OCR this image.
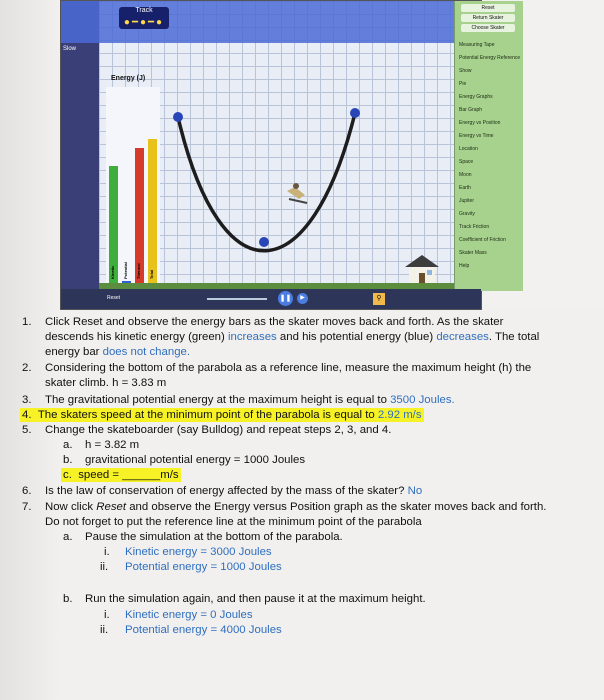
Track
●━●━●
Slow
Energy (J)
Kinetic	Potential	Thermal	Total
Reset
Return Skater
Choose Skater
Measuring Tape
Potential Energy Reference
Show
Pie
Energy Graphs
Bar Graph
Energy vs Position
Energy vs Time
Location
Space
Moon
Earth
Jupiter
Gravity
Track Friction
Coefficient of Friction
Skater Mass
Help
Reset	❚❚	▶	⚲
1. Click Reset and observe the energy bars as the skater moves back and forth. As the skater
descends his kinetic energy (green) increases and his potential energy (blue) decreases. The total
energy bar does not change.
2. Considering the bottom of the parabola as a reference line, measure the maximum height (h) the
skater climb. h = 3.83 m
3. The gravitational potential energy at the maximum height is equal to 3500 Joules.
4. The skaters speed at the minimum point of the parabola is equal to 2.92 m/s
5. Change the skateboarder (say Bulldog) and repeat steps 2, 3, and 4.
a. h = 3.82 m
b. gravitational potential energy = 1000 Joules
c. speed = ______m/s
6. Is the law of conservation of energy affected by the mass of the skater? No
7. Now click Reset and observe the Energy versus Position graph as the skater moves back and forth.
Do not forget to put the reference line at the minimum point of the parabola
a. Pause the simulation at the bottom of the parabola.
i. Kinetic energy = 3000 Joules
ii. Potential energy = 1000 Joules
b. Run the simulation again, and then pause it at the maximum height.
i. Kinetic energy = 0 Joules
ii. Potential energy = 4000 Joules
